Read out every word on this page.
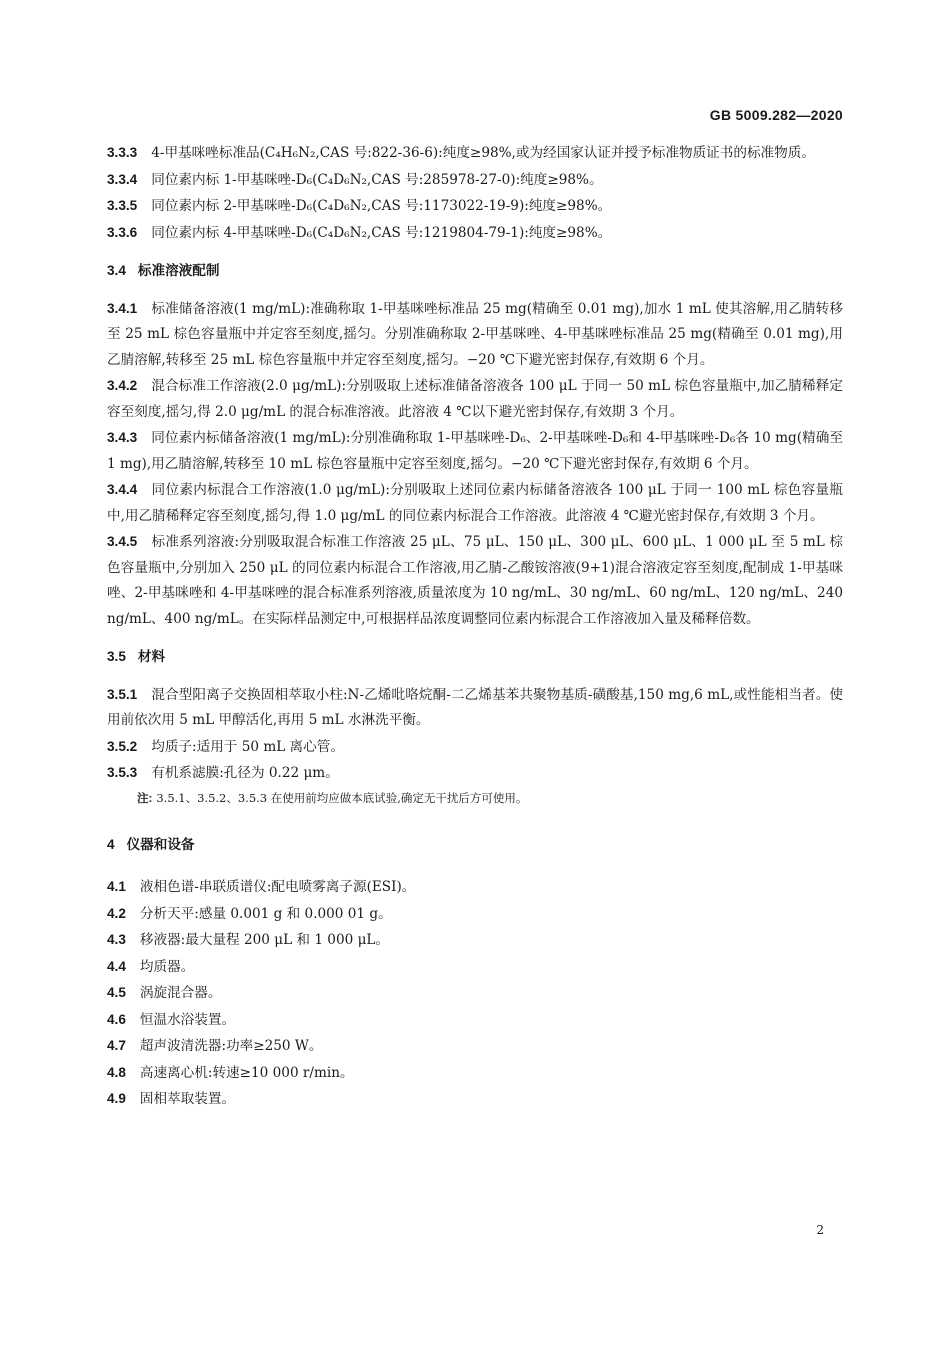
GB 5009.282—2020

3.3.3 4-甲基咪唑标准品(C₄H₆N₂,CAS 号:822-36-6):纯度≥98%,或为经国家认证并授予标准物质证书的标准物质。

3.3.4 同位素内标 1-甲基咪唑-D₆(C₄D₆N₂,CAS 号:285978-27-0):纯度≥98%。

3.3.5 同位素内标 2-甲基咪唑-D₆(C₄D₆N₂,CAS 号:1173022-19-9):纯度≥98%。

3.3.6 同位素内标 4-甲基咪唑-D₆(C₄D₆N₂,CAS 号:1219804-79-1):纯度≥98%。

3.4 标准溶液配制

3.4.1 标准储备溶液(1 mg/mL):准确称取 1-甲基咪唑标准品 25 mg(精确至 0.01 mg),加水 1 mL 使其溶解,用乙腈转移至 25 mL 棕色容量瓶中并定容至刻度,摇匀。分别准确称取 2-甲基咪唑、4-甲基咪唑标准品 25 mg(精确至 0.01 mg),用乙腈溶解,转移至 25 mL 棕色容量瓶中并定容至刻度,摇匀。−20 ℃下避光密封保存,有效期 6 个月。

3.4.2 混合标准工作溶液(2.0 μg/mL):分别吸取上述标准储备溶液各 100 μL 于同一 50 mL 棕色容量瓶中,加乙腈稀释定容至刻度,摇匀,得 2.0 μg/mL 的混合标准溶液。此溶液 4 ℃以下避光密封保存,有效期 3 个月。

3.4.3 同位素内标储备溶液(1 mg/mL):分别准确称取 1-甲基咪唑-D₆、2-甲基咪唑-D₆和 4-甲基咪唑-D₆各 10 mg(精确至 1 mg),用乙腈溶解,转移至 10 mL 棕色容量瓶中定容至刻度,摇匀。−20 ℃下避光密封保存,有效期 6 个月。

3.4.4 同位素内标混合工作溶液(1.0 μg/mL):分别吸取上述同位素内标储备溶液各 100 μL 于同一 100 mL 棕色容量瓶中,用乙腈稀释定容至刻度,摇匀,得 1.0 μg/mL 的同位素内标混合工作溶液。此溶液 4 ℃避光密封保存,有效期 3 个月。

3.4.5 标准系列溶液:分别吸取混合标准工作溶液 25 μL、75 μL、150 μL、300 μL、600 μL、1 000 μL 至 5 mL 棕色容量瓶中,分别加入 250 μL 的同位素内标混合工作溶液,用乙腈-乙酸铵溶液(9+1)混合溶液定容至刻度,配制成 1-甲基咪唑、2-甲基咪唑和 4-甲基咪唑的混合标准系列溶液,质量浓度为 10 ng/mL、30 ng/mL、60 ng/mL、120 ng/mL、240 ng/mL、400 ng/mL。在实际样品测定中,可根据样品浓度调整同位素内标混合工作溶液加入量及稀释倍数。

3.5 材料

3.5.1 混合型阳离子交换固相萃取小柱:N-乙烯吡咯烷酮-二乙烯基苯共聚物基质-磺酸基,150 mg,6 mL,或性能相当者。使用前依次用 5 mL 甲醇活化,再用 5 mL 水淋洗平衡。

3.5.2 均质子:适用于 50 mL 离心管。

3.5.3 有机系滤膜:孔径为 0.22 μm。

注: 3.5.1、3.5.2、3.5.3 在使用前均应做本底试验,确定无干扰后方可使用。

4 仪器和设备

4.1 液相色谱-串联质谱仪:配电喷雾离子源(ESI)。

4.2 分析天平:感量 0.001 g 和 0.000 01 g。

4.3 移液器:最大量程 200 μL 和 1 000 μL。

4.4 均质器。

4.5 涡旋混合器。

4.6 恒温水浴装置。

4.7 超声波清洗器:功率≥250 W。

4.8 高速离心机:转速≥10 000 r/min。

4.9 固相萃取装置。

2
